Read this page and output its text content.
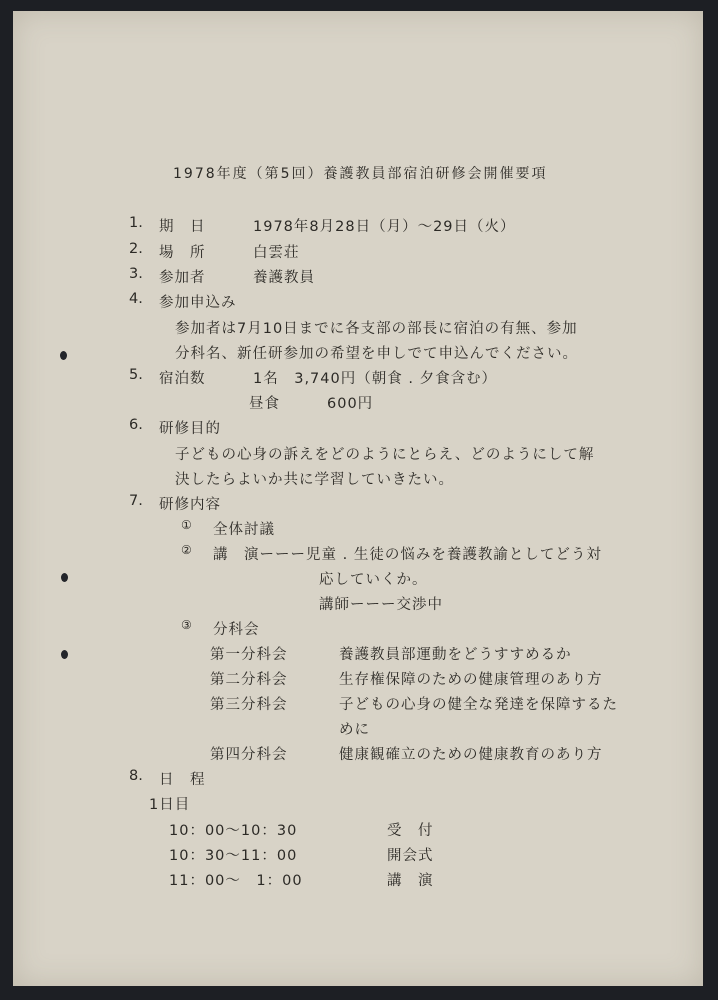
1978年度（第5回）養護教員部宿泊研修会開催要項
1. 期　日	1978年8月28日（月）～29日（火）
2. 場　所	白雲荘
3. 参加者	養護教員
4. 参加申込み
参加者は7月10日までに各支部の部長に宿泊の有無、参加
分科名、新任研参加の希望を申しでて申込んでください。
5. 宿泊数	1名　3,740円（朝食 . 夕食含む）
昼食	600円
6. 研修目的
子どもの心身の訴えをどのようにとらえ、どのようにして解
決したらよいか共に学習していきたい。
7. 研修内容
① 全体討議
② 講　演ーーー児童 . 生徒の悩みを養護教諭としてどう対
応していくか。
講師ーーー交渉中
③ 分科会
第一分科会	養護教員部運動をどうすすめるか
第二分科会	生存権保障のための健康管理のあり方
第三分科会	子どもの心身の健全な発達を保障するた
めに
第四分科会	健康観確立のための健康教育のあり方
8. 日　程
1日目
10：00～10：30	受　付
10：30～11：00	開会式
11：00～　1：00	講　演
